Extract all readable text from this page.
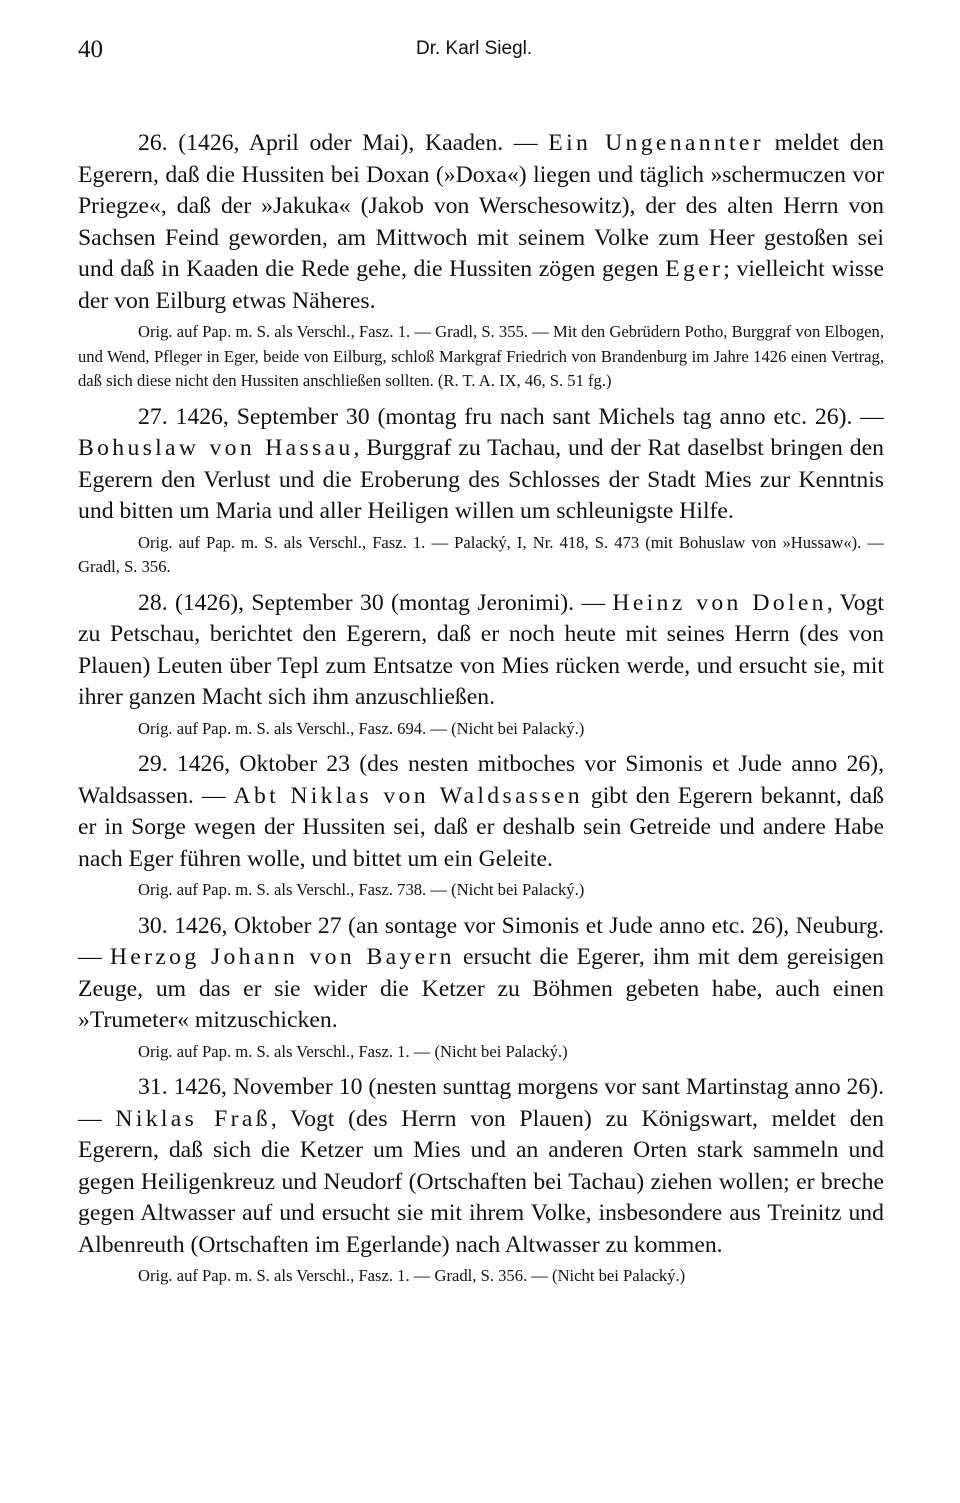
40	Dr. Karl Siegl.

26. (1426, April oder Mai), Kaaden. — Ein Ungenannter meldet den Egerern, daß die Hussiten bei Doxan (»Doxa«) liegen und täglich »schermuczen vor Priegze«, daß der »Jakuka« (Jakob von Werschesowitz), der des alten Herrn von Sachsen Feind geworden, am Mittwoch mit seinem Volke zum Heer gestoßen sei und daß in Kaaden die Rede gehe, die Hussiten zögen gegen Eger; vielleicht wisse der von Eilburg etwas Näheres.

Orig. auf Pap. m. S. als Verschl., Fasz. 1. — Gradl, S. 355. — Mit den Gebrüdern Potho, Burggraf von Elbogen, und Wend, Pfleger in Eger, beide von Eilburg, schloß Markgraf Friedrich von Brandenburg im Jahre 1426 einen Vertrag, daß sich diese nicht den Hussiten anschließen sollten. (R. T. A. IX, 46, S. 51 fg.)

27. 1426, September 30 (montag fru nach sant Michels tag anno etc. 26). — Bohuslaw von Hassau, Burggraf zu Tachau, und der Rat daselbst bringen den Egerern den Verlust und die Eroberung des Schlosses der Stadt Mies zur Kenntnis und bitten um Maria und aller Heiligen willen um schleunigste Hilfe.

Orig. auf Pap. m. S. als Verschl., Fasz. 1. — Palacký, I, Nr. 418, S. 473 (mit Bohuslaw von »Hussaw«). — Gradl, S. 356.

28. (1426), September 30 (montag Jeronimi). — Heinz von Dolen, Vogt zu Petschau, berichtet den Egerern, daß er noch heute mit seines Herrn (des von Plauen) Leuten über Tepl zum Entsatze von Mies rücken werde, und ersucht sie, mit ihrer ganzen Macht sich ihm anzuschließen.

Orig. auf Pap. m. S. als Verschl., Fasz. 694. — (Nicht bei Palacký.)

29. 1426, Oktober 23 (des nesten mitboches vor Simonis et Jude anno 26), Waldsassen. — Abt Niklas von Waldsassen gibt den Egerern bekannt, daß er in Sorge wegen der Hussiten sei, daß er deshalb sein Getreide und andere Habe nach Eger führen wolle, und bittet um ein Geleite.

Orig. auf Pap. m. S. als Verschl., Fasz. 738. — (Nicht bei Palacký.)

30. 1426, Oktober 27 (an sontage vor Simonis et Jude anno etc. 26), Neuburg. — Herzog Johann von Bayern ersucht die Egerer, ihm mit dem gereisigen Zeuge, um das er sie wider die Ketzer zu Böhmen gebeten habe, auch einen »Trumeter« mitzuschicken.

Orig. auf Pap. m. S. als Verschl., Fasz. 1. — (Nicht bei Palacký.)

31. 1426, November 10 (nesten sunttag morgens vor sant Martinstag anno 26). — Niklas Fraß, Vogt (des Herrn von Plauen) zu Königswart, meldet den Egerern, daß sich die Ketzer um Mies und an anderen Orten stark sammeln und gegen Heiligenkreuz und Neudorf (Ortschaften bei Tachau) ziehen wollen; er breche gegen Altwasser auf und ersucht sie mit ihrem Volke, insbesondere aus Treinitz und Albenreuth (Ortschaften im Egerlande) nach Altwasser zu kommen.

Orig. auf Pap. m. S. als Verschl., Fasz. 1. — Gradl, S. 356. — (Nicht bei Palacký.)
